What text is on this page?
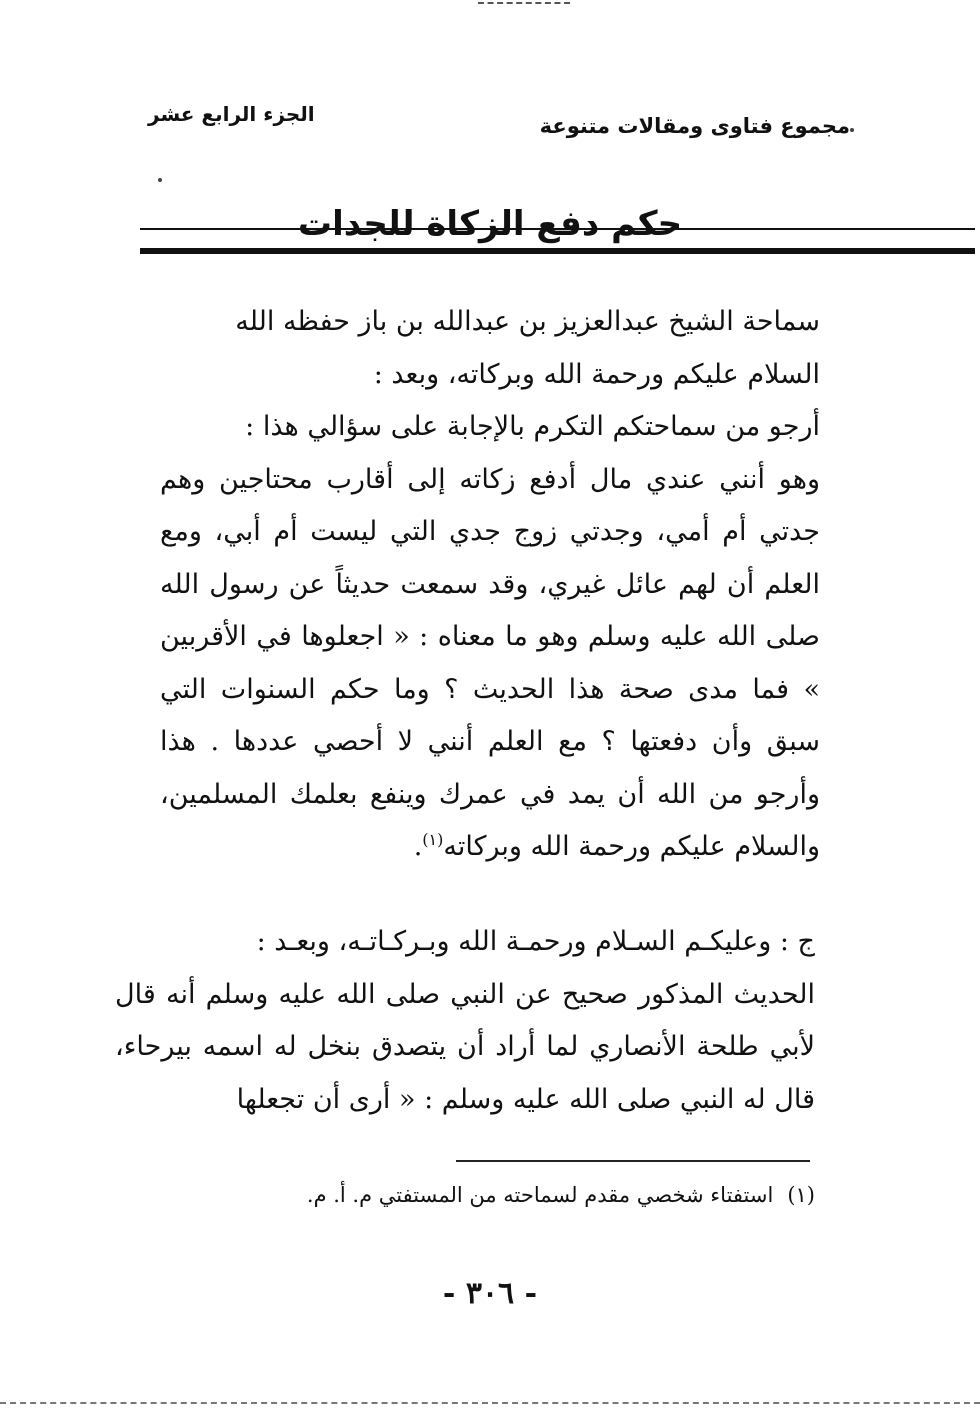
مجموع فتاوى ومقالات متنوعة
الجزء الرابع عشر
حكم دفع الزكاة للجدات

سماحة الشيخ عبدالعزيز بن عبدالله بن باز حفظه الله

السلام عليكم ورحمة الله وبركاته، وبعد :

أرجو من سماحتكم التكرم بالإجابة على سؤالي هذا :

وهو أنني عندي مال أدفع زكاته إلى أقارب محتاجين وهم جدتي أم أمي، وجدتي زوج جدي التي ليست أم أبي، ومع العلم أن لهم عائل غيري، وقد سمعت حديثاً عن رسول الله صلى الله عليه وسلم وهو ما معناه : « اجعلوها في الأقربين » فما مدى صحة هذا الحديث ؟ وما حكم السنوات التي سبق وأن دفعتها ؟ مع العلم أنني لا أحصي عددها . هذا وأرجو من الله أن يمد في عمرك وينفع بعلمك المسلمين، والسلام عليكم ورحمة الله وبركاته$^{(١)}$.

ج : وعليكـم السـلام ورحمـة الله وبـركـاتـه، وبعـد :

الحديث المذكور صحيح عن النبي صلى الله عليه وسلم أنه قال لأبي طلحة الأنصاري لما أراد أن يتصدق بنخل له اسمه بيرحاء، قال له النبي صلى الله عليه وسلم : « أرى أن تجعلها

(١)استفتاء شخصي مقدم لسماحته من المستفتي م. أ. م.
- ٣٠٦ -
